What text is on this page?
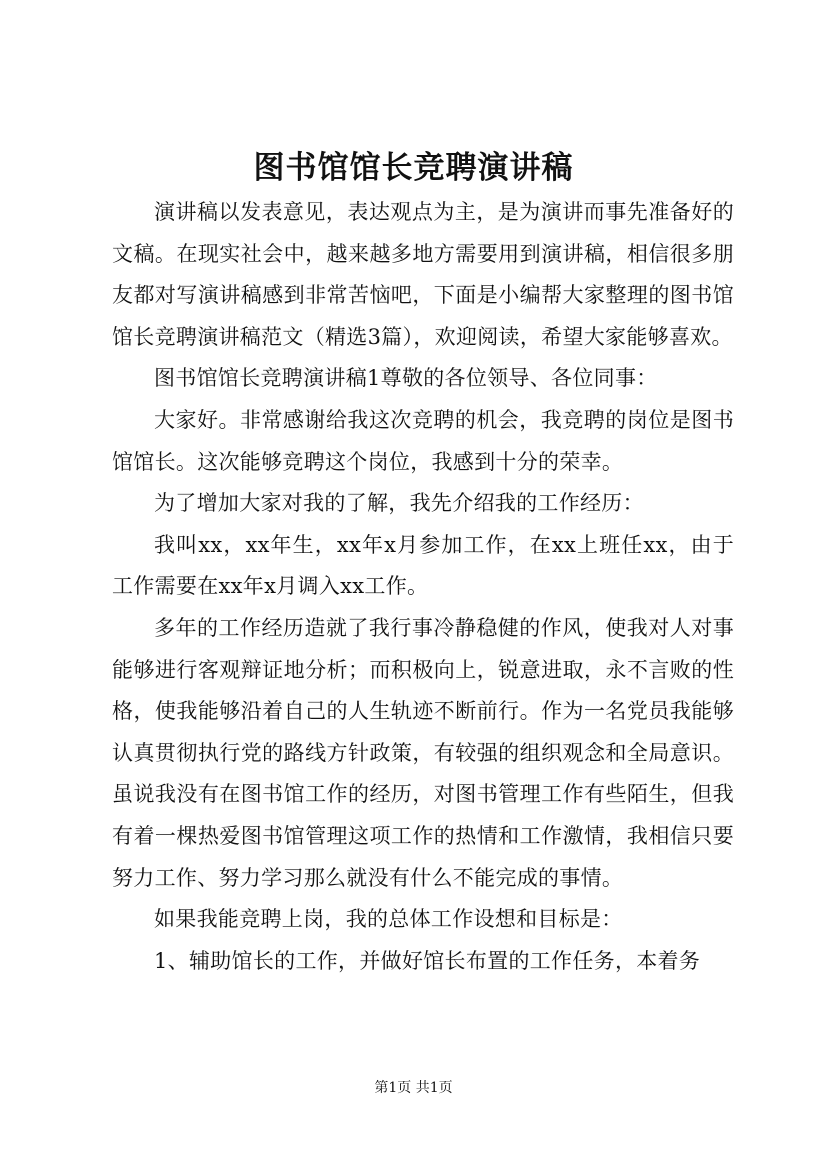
图书馆馆长竞聘演讲稿

演讲稿以发表意见，表达观点为主，是为演讲而事先准备好的文稿。在现实社会中，越来越多地方需要用到演讲稿，相信很多朋友都对写演讲稿感到非常苦恼吧，下面是小编帮大家整理的图书馆馆长竞聘演讲稿范文（精选3篇），欢迎阅读，希望大家能够喜欢。

图书馆馆长竞聘演讲稿1尊敬的各位领导、各位同事：

大家好。非常感谢给我这次竞聘的机会，我竞聘的岗位是图书馆馆长。这次能够竞聘这个岗位，我感到十分的荣幸。

为了增加大家对我的了解，我先介绍我的工作经历：

我叫xx，xx年生，xx年x月参加工作，在xx上班任xx，由于工作需要在xx年x月调入xx工作。

多年的工作经历造就了我行事冷静稳健的作风，使我对人对事能够进行客观辩证地分析；而积极向上，锐意进取，永不言败的性格，使我能够沿着自己的人生轨迹不断前行。作为一名党员我能够认真贯彻执行党的路线方针政策，有较强的组织观念和全局意识。虽说我没有在图书馆工作的经历，对图书管理工作有些陌生，但我有着一棵热爱图书馆管理这项工作的热情和工作激情，我相信只要努力工作、努力学习那么就没有什么不能完成的事情。

如果我能竞聘上岗，我的总体工作设想和目标是：

1、辅助馆长的工作，并做好馆长布置的工作任务，本着务

第1页 共1页
